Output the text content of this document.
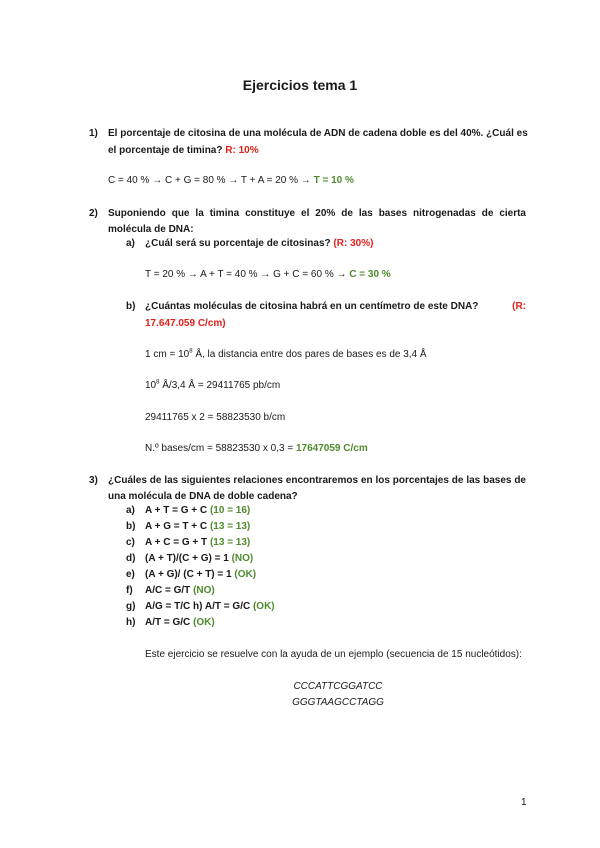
Ejercicios tema 1
1) El porcentaje de citosina de una molécula de ADN de cadena doble es del 40%. ¿Cuál es
el porcentaje de timina? R: 10%
C = 40 % → C + G = 80 % → T + A = 20 % → T = 10 %
2) Suponiendo que la timina constituye el 20% de las bases nitrogenadas de cierta
molécula de DNA:
a) ¿Cuál será su porcentaje de citosinas? (R: 30%)
T = 20 % → A + T = 40 % → G + C = 60 % → C = 30 %
b) ¿Cuántas moléculas de citosina habrá en un centímetro de este DNA?	(R:
17.647.059 C/cm)
1 cm = $10^8$ Å, la distancia entre dos pares de bases es de 3,4 Å
$10^8$ Å/3,4 Å = 29411765 pb/cm
29411765 x 2 = 58823530 b/cm
N.º bases/cm = 58823530 x 0,3 = 17647059 C/cm
3) ¿Cuáles de las siguientes relaciones encontraremos en los porcentajes de las bases de
una molécula de DNA de doble cadena?
a) A + T = G + C (10 = 16)
b) A + G = T + C (13 = 13)
c) A + C = G + T (13 = 13)
d) (A + T)/(C + G) = 1 (NO)
e) (A + G)/ (C + T) = 1 (OK)
f) A/C = G/T (NO)
g) A/G = T/C h) A/T = G/C (OK)
h) A/T = G/C (OK)
Este ejercicio se resuelve con la ayuda de un ejemplo (secuencia de 15 nucleótidos):
CCCATTCGGATCC
GGGTAAGCCTAGG
1
